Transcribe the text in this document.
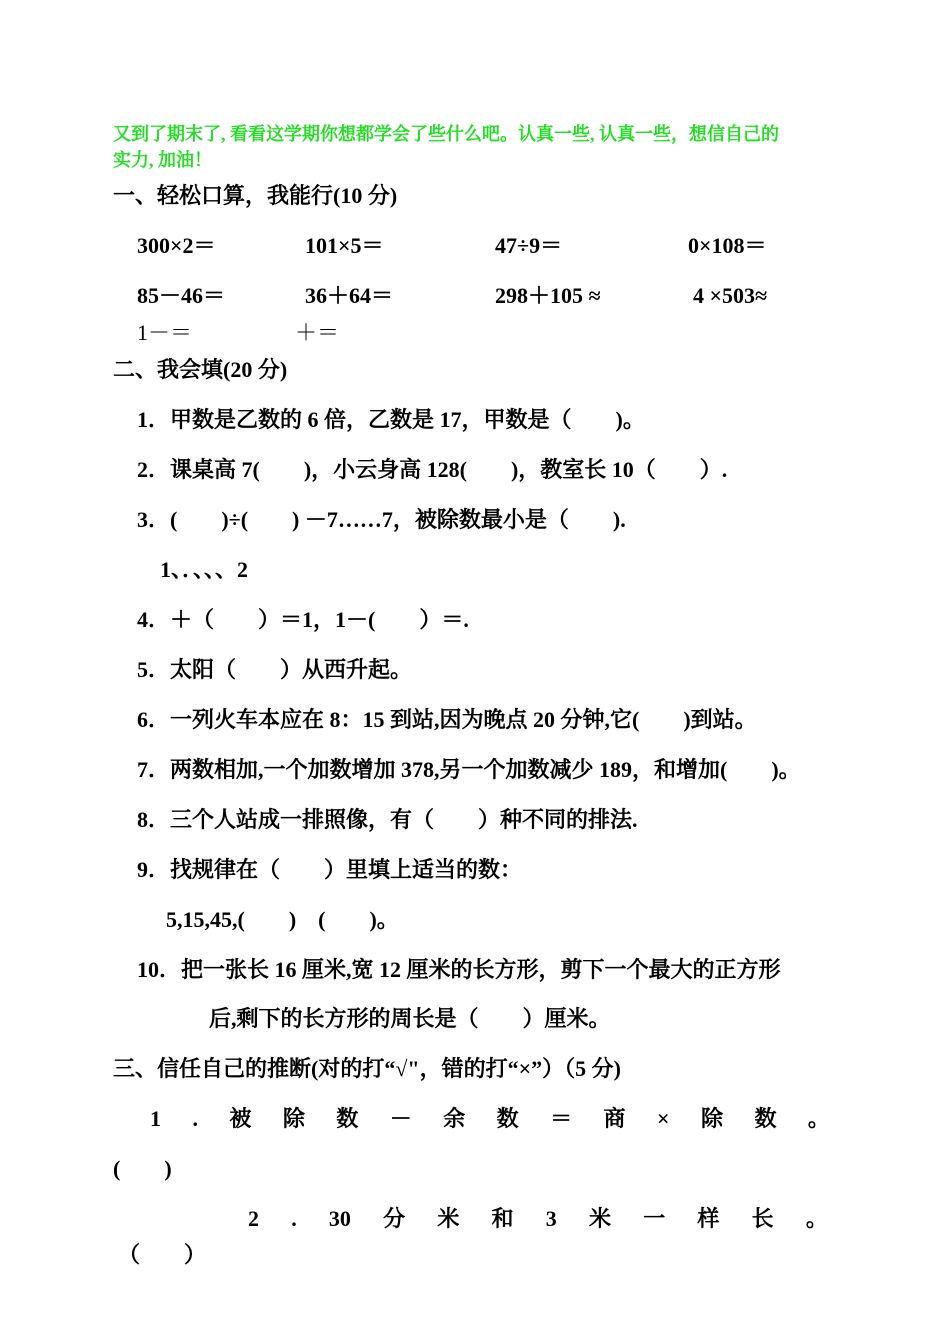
又到了期末了, 看看这学期你想都学会了些什么吧。认真一些, 认真一些，想信自己的
实力, 加油！
一、轻松口算，我能行(10 分)
300×2＝	101×5＝	47÷9＝	0×108＝
85－46＝	36＋64＝	298＋105 ≈	4 ×503≈
1－＝	＋＝
二、我会填(20 分)
1．甲数是乙数的 6 倍，乙数是 17，甲数是（　　)。
2．课桌高 7(　　)，小云身高 128(　　)，教室长 10（　　）.
3．(　　)÷(　　) －7……7，被除数最小是（　　).
1、．、、、2
4．＋（　　）＝1，1－(　　）＝.
5．太阳（　　）从西升起。
6．一列火车本应在 8：15 到站,因为晚点 20 分钟,它(　　)到站。
7．两数相加,一个加数增加 378,另一个加数减少 189，和增加(　　)。
8．三个人站成一排照像，有（　　）种不同的排法.
9．找规律在（　　）里填上适当的数：
5,15,45,(　　)　(　　)。
10．把一张长 16 厘米,宽 12 厘米的长方形，剪下一个最大的正方形
后,剩下的长方形的周长是（　　）厘米。
三、信任自己的推断(对的打“√"，错的打“×”）（5 分)
1 . 被 除 数 － 余 数 ＝ 商 × 除 数 。
(　　)
2 . 30 分 米 和 3 米 一 样 长 。
（　　）
